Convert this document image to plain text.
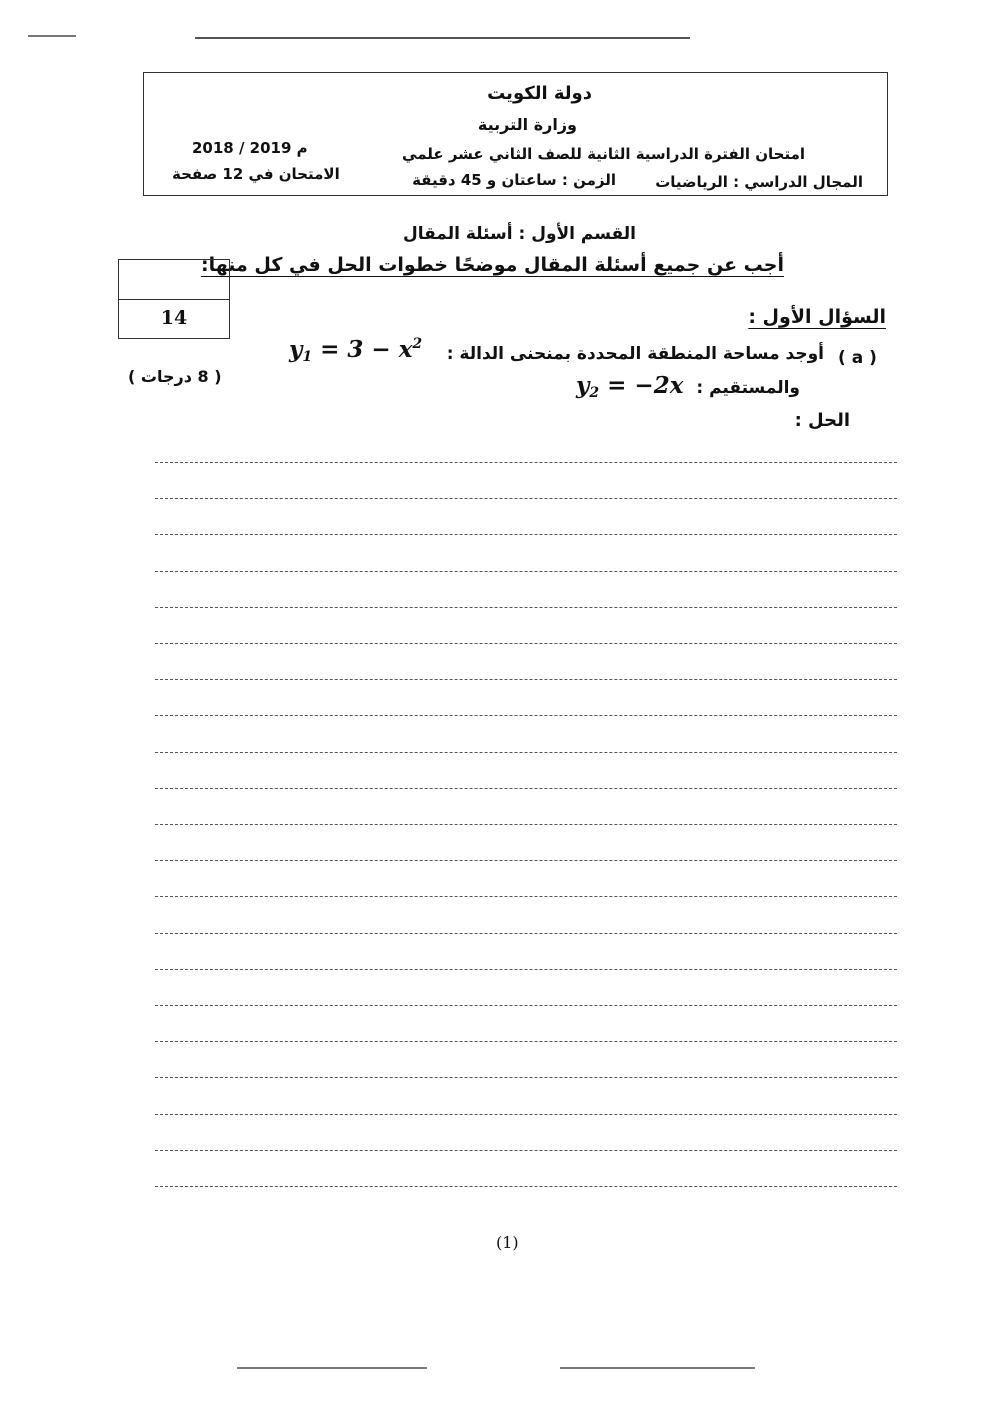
دولة الكويت
وزارة التربية
امتحان الفترة الدراسية الثانية للصف الثاني عشر علمي
2018 / 2019 م
المجال الدراسي : الرياضيات
الزمن : ساعتان و 45 دقيقة
الامتحان في 12 صفحة
القسم الأول : أسئلة المقال
أجب عن جميع أسئلة المقال موضحًا خطوات الحل في كل منها:
14	السؤال الأول :
( a )
أوجد مساحة المنطقة المحددة بمنحنى الدالة :
$y_1 = 3 - x^2$
والمستقيم :
$y_2 = -2x$
( 8 درجات )
الحل :
(1)
